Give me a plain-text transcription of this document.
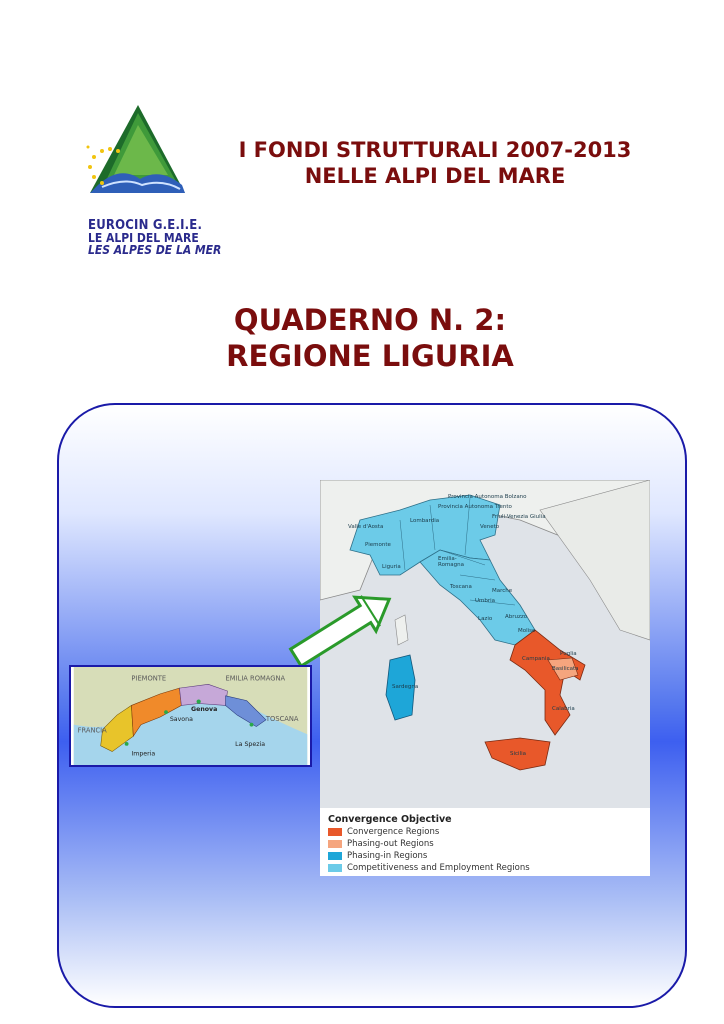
EUROCIN G.E.I.E.
LE ALPI DEL MARE
LES ALPES DE LA MER
I FONDI STRUTTURALI 2007-2013
NELLE ALPI DEL MARE
QUADERNO N. 2:
REGIONE LIGURIA
Valle d'Aosta
Lombardia
Piemonte
Liguria
Emilia-
Romagna
Toscana
Umbria
Marche
Lazio Abruzzo
Molise
Campania
Puglia
Basilicata
Calabria
Sicilia
Sardegna
Veneto
Friuli-Venezia Giulia
Provincia Autonoma Bolzano
Provincia Autonoma Trento
Convergence Objective
Convergence Regions
Phasing-out Regions
Phasing-in Regions
Competitiveness and Employment Regions
PIEMONTE	EMILIA ROMAGNA
FRANCIA
TOSCANA
Genova
Savona
Imperia
La Spezia
